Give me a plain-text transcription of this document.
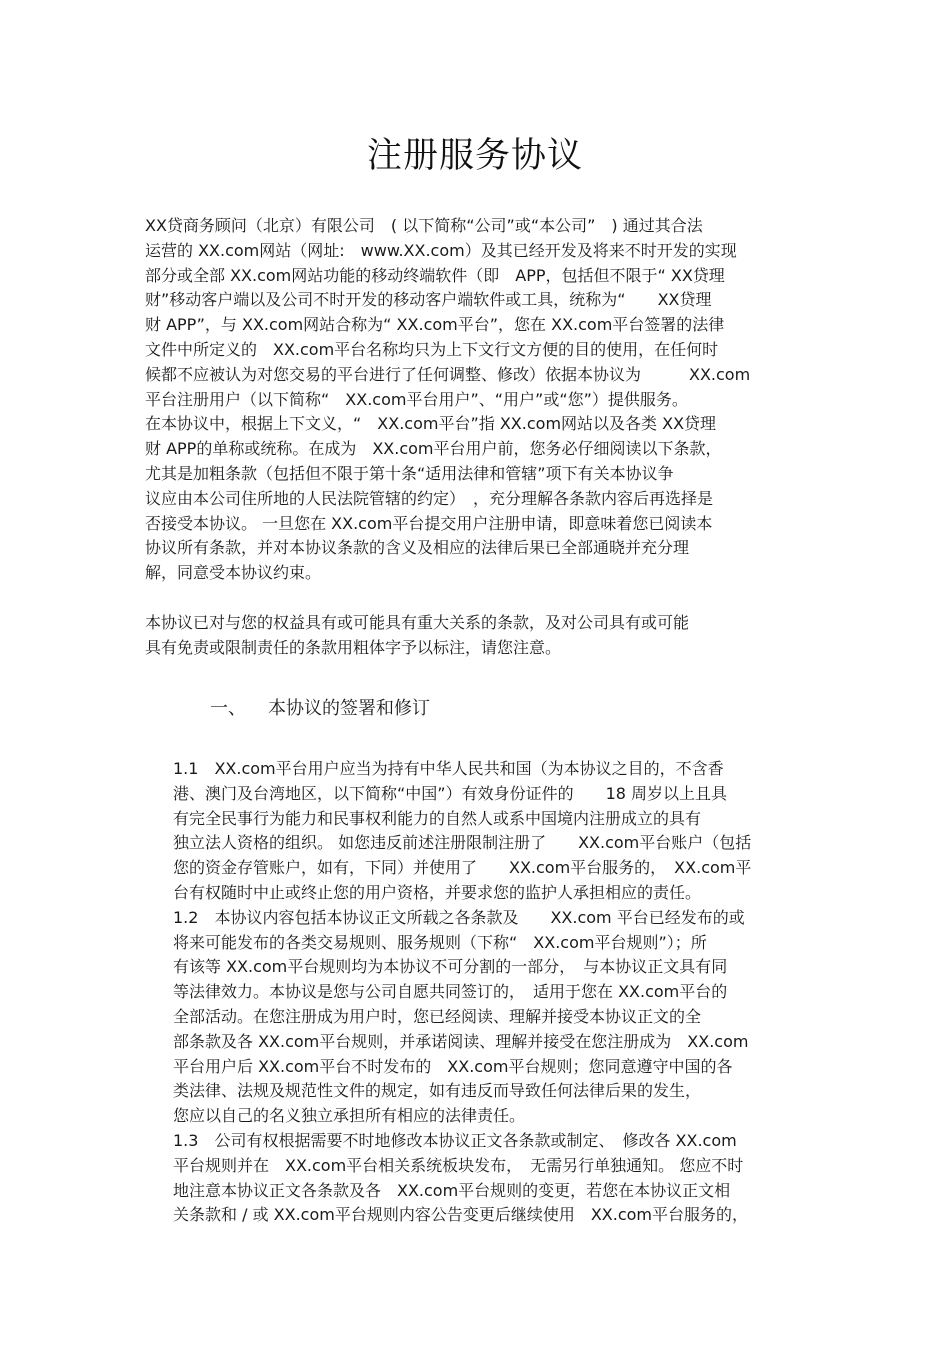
注册服务协议
XX贷商务顾问（北京）有限公司　( 以下简称“公司”或“本公司”　) 通过其合法
运营的 XX.com网站（网址:　www.XX.com）及其已经开发及将来不时开发的实现
部分或全部 XX.com网站功能的移动终端软件（即　APP，包括但不限于“ XX贷理
财”移动客户端以及公司不时开发的移动客户端软件或工具，统称为“　　XX贷理
财 APP”，与 XX.com网站合称为“ XX.com平台”，您在 XX.com平台签署的法律
文件中所定义的　XX.com平台名称均只为上下文行文方便的目的使用，在任何时
候都不应被认为对您交易的平台进行了任何调整、修改）依据本协议为　　　XX.com
平台注册用户（以下简称“　XX.com平台用户”、“用户”或“您”）提供服务。
在本协议中，根据上下文义，“　XX.com平台”指 XX.com网站以及各类 XX贷理
财 APP的单称或统称。在成为　XX.com平台用户前，您务必仔细阅读以下条款，
尤其是加粗条款（包括但不限于第十条“适用法律和管辖”项下有关本协议争
议应由本公司住所地的人民法院管辖的约定）　，充分理解各条款内容后再选择是
否接受本协议。 一旦您在 XX.com平台提交用户注册申请，即意味着您已阅读本
协议所有条款，并对本协议条款的含义及相应的法律后果已全部通晓并充分理
解，同意受本协议约束。
本协议已对与您的权益具有或可能具有重大关系的条款，及对公司具有或可能
具有免责或限制责任的条款用粗体字予以标注，请您注意。
一、 本协议的签署和修订
1.1　XX.com平台用户应当为持有中华人民共和国（为本协议之目的，不含香
港、澳门及台湾地区，以下简称“中国”）有效身份证件的　　18 周岁以上且具
有完全民事行为能力和民事权利能力的自然人或系中国境内注册成立的具有
独立法人资格的组织。 如您违反前述注册限制注册了　　XX.com平台账户（包括
您的资金存管账户，如有，下同）并使用了　　XX.com平台服务的，　XX.com平
台有权随时中止或终止您的用户资格，并要求您的监护人承担相应的责任。
1.2　本协议内容包括本协议正文所载之各条款及　　XX.com 平台已经发布的或
将来可能发布的各类交易规则、服务规则（下称“　XX.com平台规则”）；所
有该等 XX.com平台规则均为本协议不可分割的一部分，　与本协议正文具有同
等法律效力。本协议是您与公司自愿共同签订的，　适用于您在 XX.com平台的
全部活动。在您注册成为用户时，您已经阅读、理解并接受本协议正文的全
部条款及各 XX.com平台规则，并承诺阅读、理解并接受在您注册成为　XX.com
平台用户后 XX.com平台不时发布的　XX.com平台规则；您同意遵守中国的各
类法律、法规及规范性文件的规定，如有违反而导致任何法律后果的发生，
您应以自己的名义独立承担所有相应的法律责任。
1.3　公司有权根据需要不时地修改本协议正文各条款或制定、　修改各 XX.com
平台规则并在　XX.com平台相关系统板块发布，　无需另行单独通知。 您应不时
地注意本协议正文各条款及各　XX.com平台规则的变更，若您在本协议正文相
关条款和 / 或 XX.com平台规则内容公告变更后继续使用　XX.com平台服务的，
